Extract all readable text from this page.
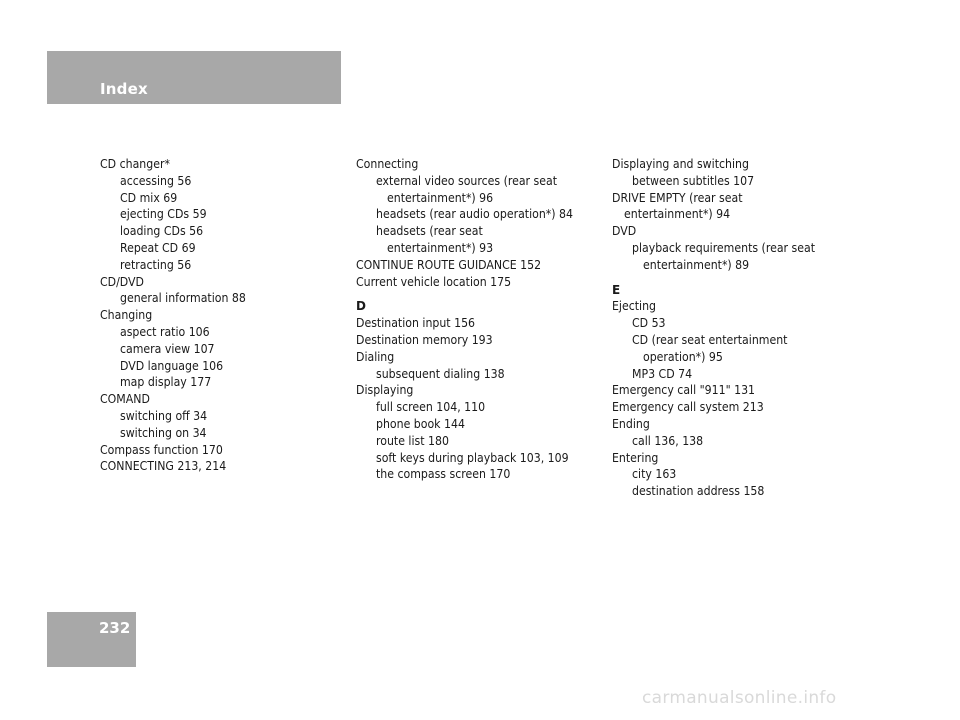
Index
CD changer*
accessing 56
CD mix 69
ejecting CDs 59
loading CDs 56
Repeat CD 69
retracting 56
CD/DVD
general information 88
Changing
aspect ratio 106
camera view 107
DVD language 106
map display 177
COMAND
switching off 34
switching on 34
Compass function 170
CONNECTING 213, 214
Connecting
external video sources (rear seat
entertainment*) 96
headsets (rear audio operation*) 84
headsets (rear seat
entertainment*) 93
CONTINUE ROUTE GUIDANCE 152
Current vehicle location 175
D
Destination input 156
Destination memory 193
Dialing
subsequent dialing 138
Displaying
full screen 104, 110
phone book 144
route list 180
soft keys during playback 103, 109
the compass screen 170
Displaying and switching
between subtitles 107
DRIVE EMPTY (rear seat
entertainment*) 94
DVD
playback requirements (rear seat
entertainment*) 89
E
Ejecting
CD 53
CD (rear seat entertainment
operation*) 95
MP3 CD 74
Emergency call "911" 131
Emergency call system 213
Ending
call 136, 138
Entering
city 163
destination address 158
232
carmanualsonline.info
